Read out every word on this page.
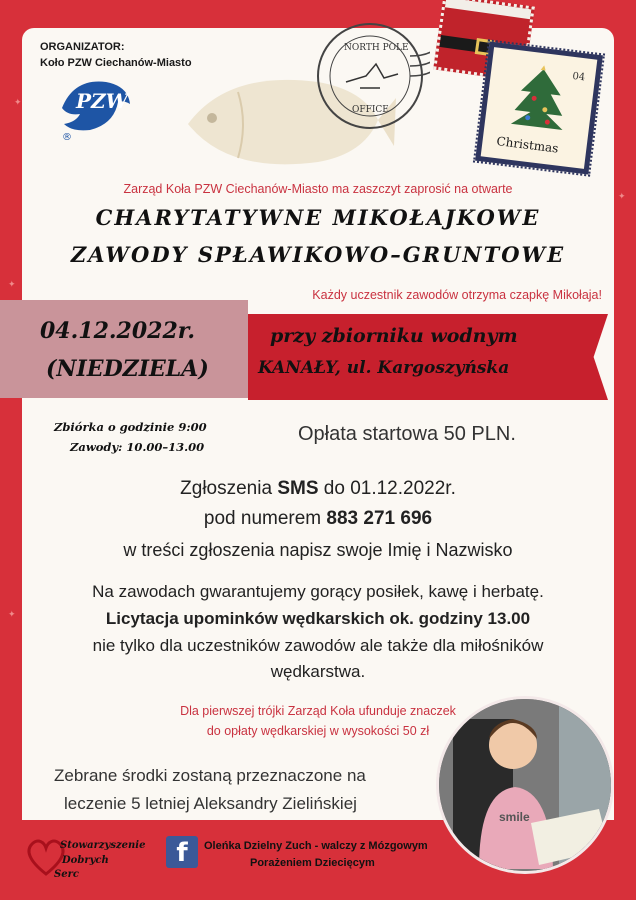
✦
✦
✦
✦
ORGANIZATOR:
Koło PZW Ciechanów-Miasto
PZW
®
NORTH POLE
OFFICE
04
Christmas
Zarząd Koła PZW Ciechanów-Miasto ma zaszczyt zaprosić na otwarte
CHARYTATYWNE MIKOŁAJKOWE
ZAWODY SPŁAWIKOWO–GRUNTOWE
Każdy uczestnik zawodów otrzyma czapkę Mikołaja!
04.12.2022r.
(NIEDZIELA)
przy zbiorniku wodnym
KANAŁY, ul. Kargoszyńska
Zbiórka o godzinie 9:00
Zawody: 10.00–13.00
Opłata startowa 50 PLN.
Zgłoszenia SMS do 01.12.2022r.
pod numerem 883 271 696
w treści zgłoszenia napisz swoje Imię i Nazwisko
Na zawodach gwarantujemy gorący posiłek, kawę i herbatę.
Licytacja upominków wędkarskich ok. godziny 13.00
nie tylko dla uczestników zawodów ale także dla miłośników
wędkarstwa.
Dla pierwszej trójki Zarząd Koła ufunduje znaczek
do opłaty wędkarskiej w wysokości 50 zł
Zebrane środki zostaną przeznaczone na
leczenie 5 letniej Aleksandry Zielińskiej
Stowarzyszenie
Dobrych
Serc
f	Oleńka Dzielny Zuch - walczy z Mózgowym
Porażeniem Dziecięcym
smile
